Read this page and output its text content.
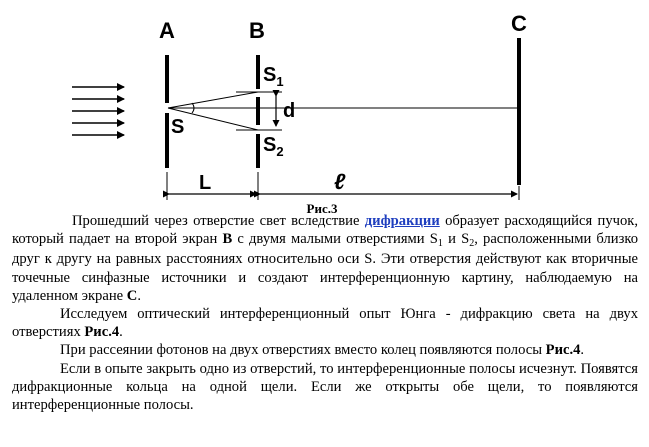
A	B	C
S
$S_1$
$S_2$
d
L	ℓ
Рис.3

Прошедший через отверстие свет вследствие дифракции образует расходящийся пучок, который падает на второй экран В с двумя малыми отверстиями $S_1$ и $S_2$, расположенными близко друг к другу на равных расстояниях относительно оси S. Эти отверстия действуют как вторичные точечные синфазные источники и создают интерференционную картину, наблюдаемую на удаленном экране С.

Исследуем оптический интерференционный опыт Юнга - дифракцию света на двух отверстиях Рис.4.

При рассеянии фотонов на двух отверстиях вместо колец появляются полосы Рис.4.

Если в опыте закрыть одно из отверстий, то интерференционные полосы исчезнут. Появятся дифракционные кольца на одной щели. Если же открыты обе щели, то появляются интерференционные полосы.
